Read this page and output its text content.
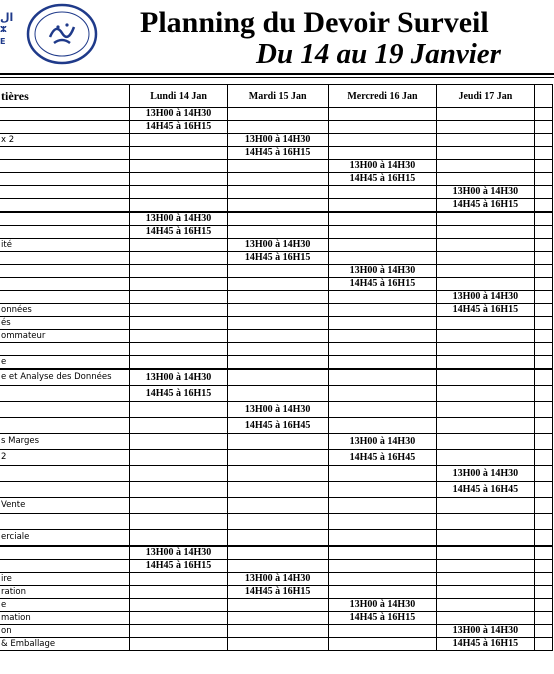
ال
ⵣ
E
Planning du Devoir Surveil
Du 14 au 19 Janvier
tières	Lundi 14 Jan	Mardi 15 Jan	Mercredi 16 Jan	Jeudi 17 Jan	
	13H00 à 14H30				
	14H45 à 16H15				
x 2		13H00 à 14H30			
		14H45 à 16H15			
			13H00 à 14H30		
			14H45 à 16H15		
				13H00 à 14H30	
				14H45 à 16H15	
	13H00 à 14H30				
	14H45 à 16H15				
ité		13H00 à 14H30			
		14H45 à 16H15			
			13H00 à 14H30		
			14H45 à 16H15		
				13H00 à 14H30	
onnées				14H45 à 16H15	
és					
ommateur					

e					
e et Analyse des Données	13H00 à 14H30				
	14H45 à 16H15				
		13H00 à 14H30			
		14H45 à 16H45			
s Marges			13H00 à 14H30		
2			14H45 à 16H45		
				13H00 à 14H30	
				14H45 à 16H45	
Vente					

erciale					
	13H00 à 14H30				
	14H45 à 16H15				
ire		13H00 à 14H30			
ration		14H45 à 16H15			
e			13H00 à 14H30		
mation			14H45 à 16H15		
on				13H00 à 14H30	
& Emballage				14H45 à 16H15	
